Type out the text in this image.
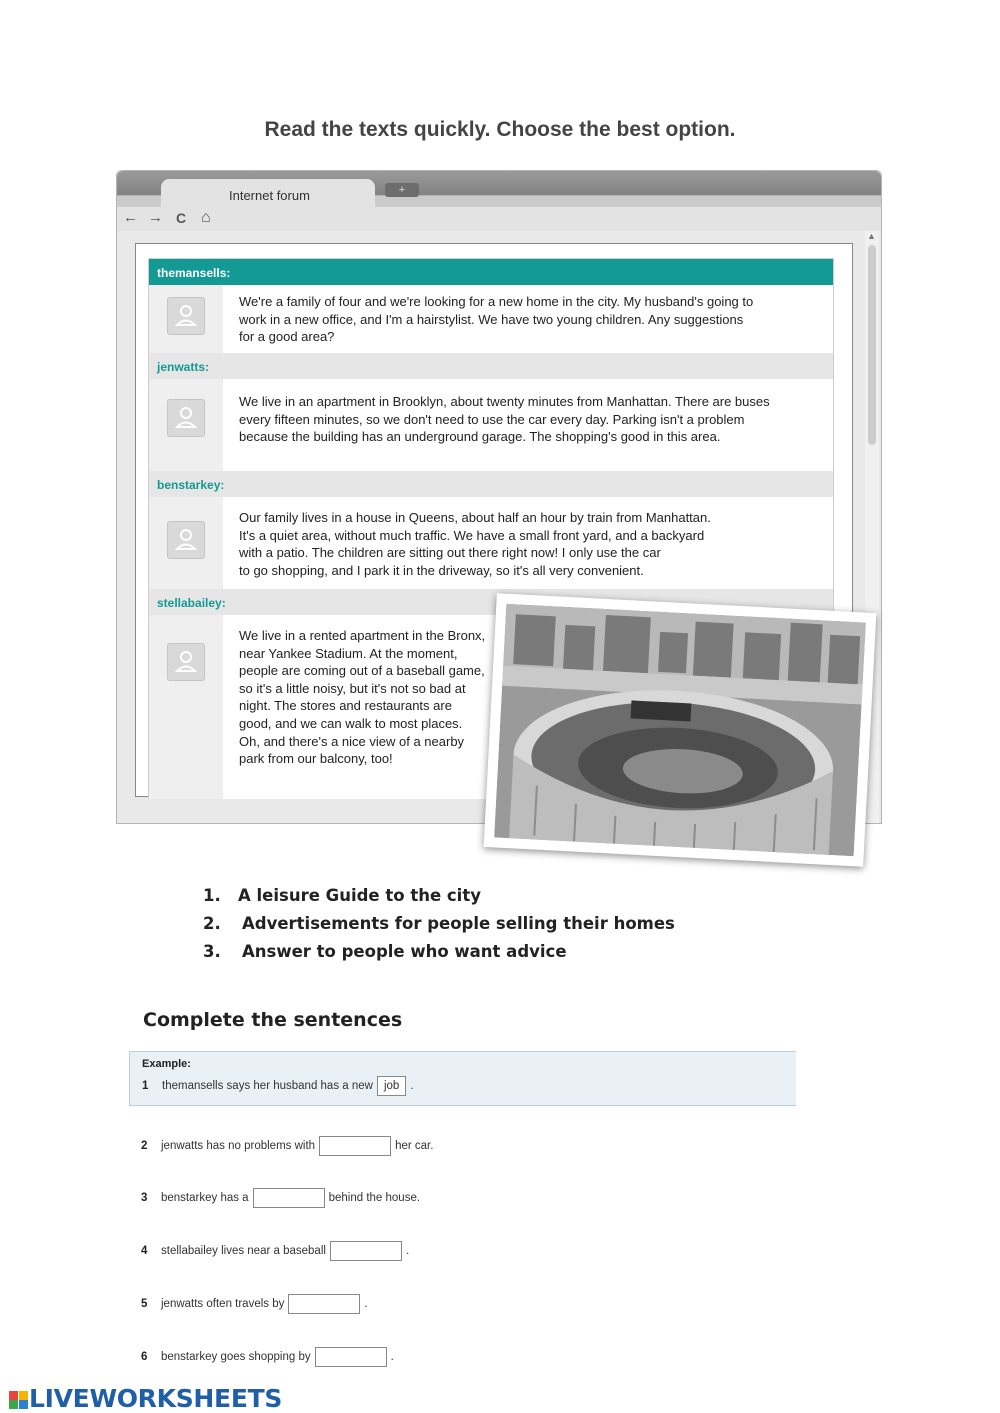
Read the texts quickly. Choose the best option.
Internet forum	+
← → C ⌂
▲
themansells:
We're a family of four and we're looking for a new home in the city. My husband's going to
work in a new office, and I'm a hairstylist. We have two young children. Any suggestions
for a good area?
jenwatts:
We live in an apartment in Brooklyn, about twenty minutes from Manhattan. There are buses
every fifteen minutes, so we don't need to use the car every day. Parking isn't a problem
because the building has an underground garage. The shopping's good in this area.
benstarkey:
Our family lives in a house in Queens, about half an hour by train from Manhattan.
It's a quiet area, without much traffic. We have a small front yard, and a backyard
with a patio. The children are sitting out there right now! I only use the car
to go shopping, and I park it in the driveway, so it's all very convenient.
stellabailey:
We live in a rented apartment in the Bronx,
near Yankee Stadium. At the moment,
people are coming out of a baseball game,
so it's a little noisy, but it's not so bad at
night. The stores and restaurants are
good, and we can walk to most places.
Oh, and there's a nice view of a nearby
park from our balcony, too!
1. A leisure Guide to the city
2. Advertisements for people selling their homes
3. Answer to people who want advice
Complete the sentences
Example:
1 themansells says her husband has a new job .
2 jenwatts has no problems with	her car.
3 benstarkey has a	behind the house.
4 stellabailey lives near a baseball	.
5 jenwatts often travels by	.
6 benstarkey goes shopping by	.
LIVEWORKSHEETS
